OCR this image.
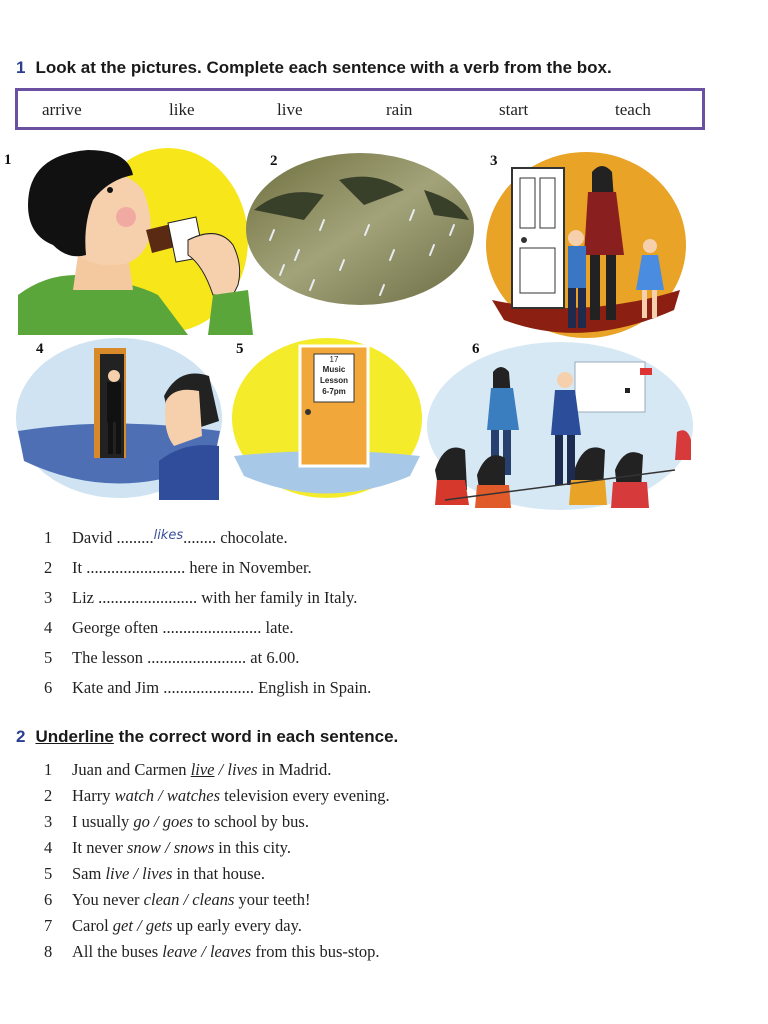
1 Look at the pictures. Complete each sentence with a verb from the box.
arrive	like	live	rain	start	teach
1	2	3
4	5	6
17
Music
Lesson
6-7pm
1 David .........$^{likes}$........ chocolate.
2 It ........................ here in November.
3 Liz ........................ with her family in Italy.
4 George often ........................ late.
5 The lesson ........................ at 6.00.
6 Kate and Jim ...................... English in Spain.
2 Underline the correct word in each sentence.
1 Juan and Carmen live / lives in Madrid.
2 Harry watch / watches television every evening.
3 I usually go / goes to school by bus.
4 It never snow / snows in this city.
5 Sam live / lives in that house.
6 You never clean / cleans your teeth!
7 Carol get / gets up early every day.
8 All the buses leave / leaves from this bus-stop.
